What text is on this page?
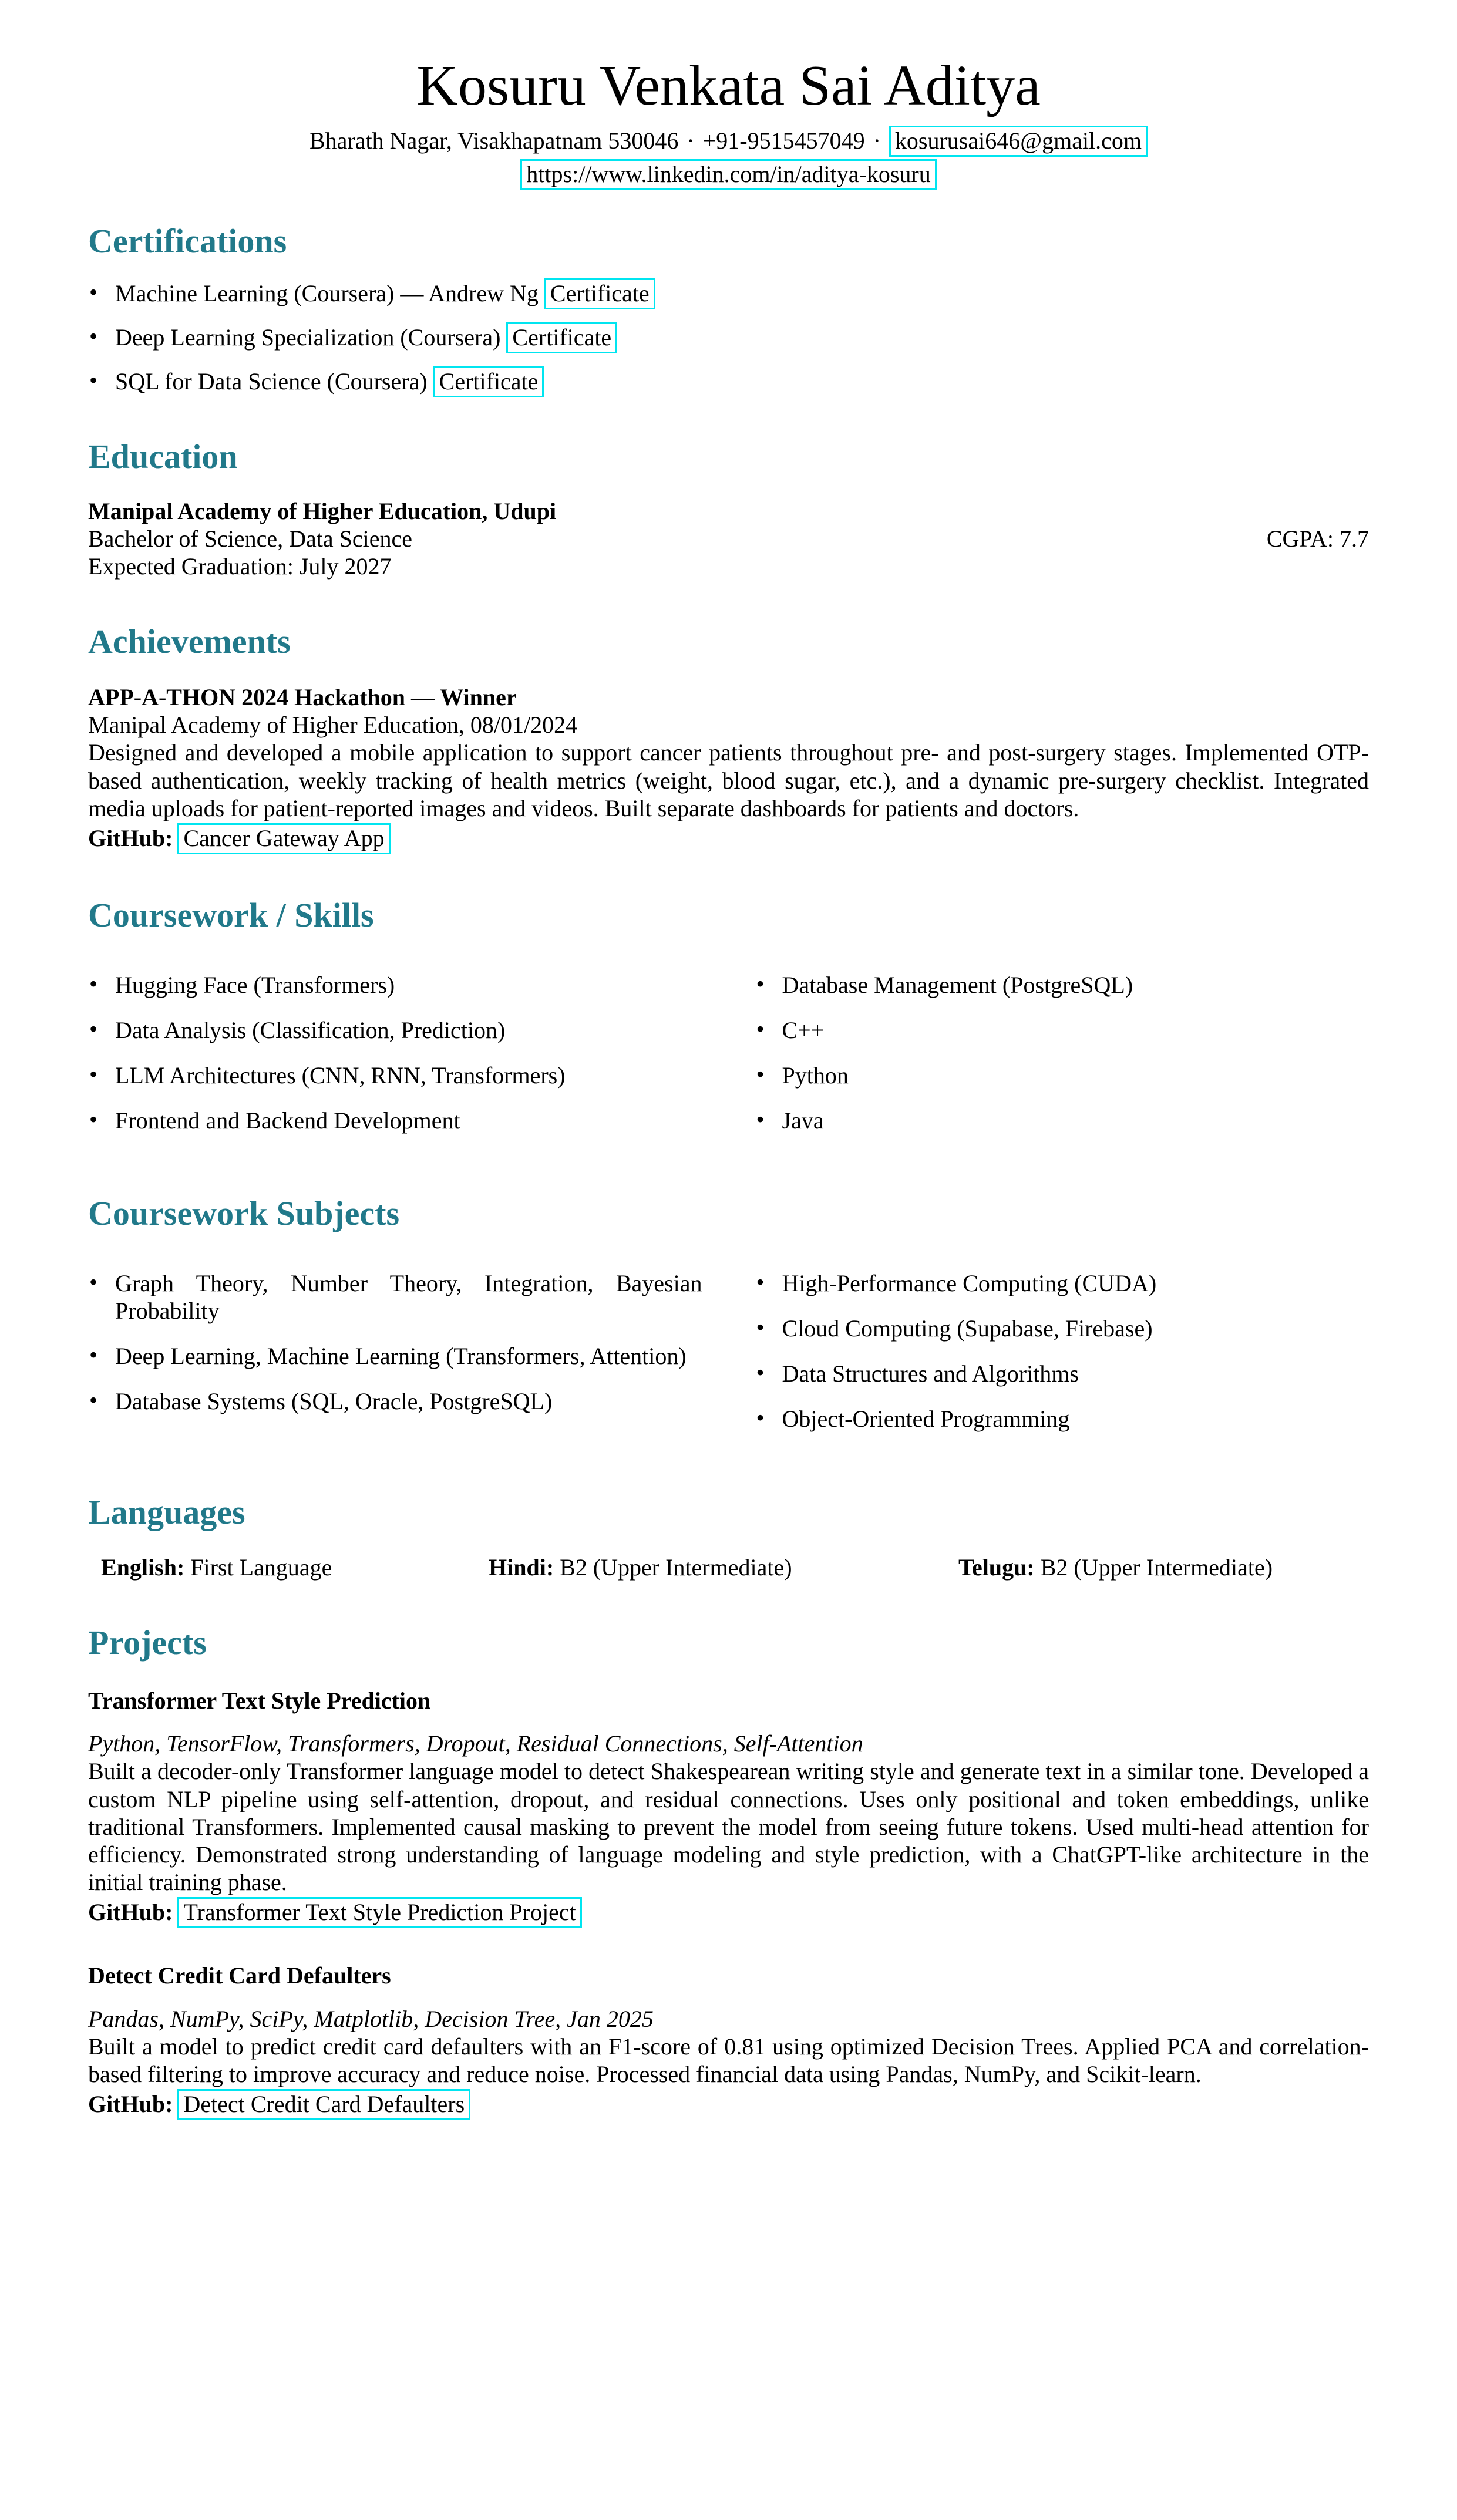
Kosuru Venkata Sai Aditya
Bharath Nagar, Visakhapatnam 530046 · +91-9515457049 · kosurusai646@gmail.com
https://www.linkedin.com/in/aditya-kosuru
Certifications
• Machine Learning (Coursera) — Andrew Ng Certificate
• Deep Learning Specialization (Coursera) Certificate
• SQL for Data Science (Coursera) Certificate
Education
Manipal Academy of Higher Education, Udupi
Bachelor of Science, Data Science	CGPA: 7.7
Expected Graduation: July 2027
Achievements
APP-A-THON 2024 Hackathon — Winner
Manipal Academy of Higher Education, 08/01/2024

Designed and developed a mobile application to support cancer patients throughout pre- and post-surgery stages. Implemented OTP-based authentication, weekly tracking of health metrics (weight, blood sugar, etc.), and a dynamic pre-surgery checklist. Integrated media uploads for patient-reported images and videos. Built separate dashboards for patients and doctors.

GitHub: Cancer Gateway App
Coursework / Skills
• Hugging Face (Transformers)
• Data Analysis (Classification, Prediction)
• LLM Architectures (CNN, RNN, Transformers)
• Frontend and Backend Development
• Database Management (PostgreSQL)
• C++
• Python
• Java
Coursework Subjects
• Graph Theory, Number Theory, Integration, Bayesian Probability
• Deep Learning, Machine Learning (Transformers, Attention)
• Database Systems (SQL, Oracle, PostgreSQL)
• High-Performance Computing (CUDA)
• Cloud Computing (Supabase, Firebase)
• Data Structures and Algorithms
• Object-Oriented Programming
Languages
English: First Language	Hindi: B2 (Upper Intermediate)	Telugu: B2 (Upper Intermediate)
Projects
Transformer Text Style Prediction
Python, TensorFlow, Transformers, Dropout, Residual Connections, Self-Attention

Built a decoder-only Transformer language model to detect Shakespearean writing style and generate text in a similar tone. Developed a custom NLP pipeline using self-attention, dropout, and residual connections. Uses only positional and token embeddings, unlike traditional Transformers. Implemented causal masking to prevent the model from seeing future tokens. Used multi-head attention for efficiency. Demonstrated strong understanding of language modeling and style prediction, with a ChatGPT-like architecture in the initial training phase.

GitHub: Transformer Text Style Prediction Project
Detect Credit Card Defaulters
Pandas, NumPy, SciPy, Matplotlib, Decision Tree, Jan 2025

Built a model to predict credit card defaulters with an F1-score of 0.81 using optimized Decision Trees. Applied PCA and correlation-based filtering to improve accuracy and reduce noise. Processed financial data using Pandas, NumPy, and Scikit-learn.

GitHub: Detect Credit Card Defaulters
